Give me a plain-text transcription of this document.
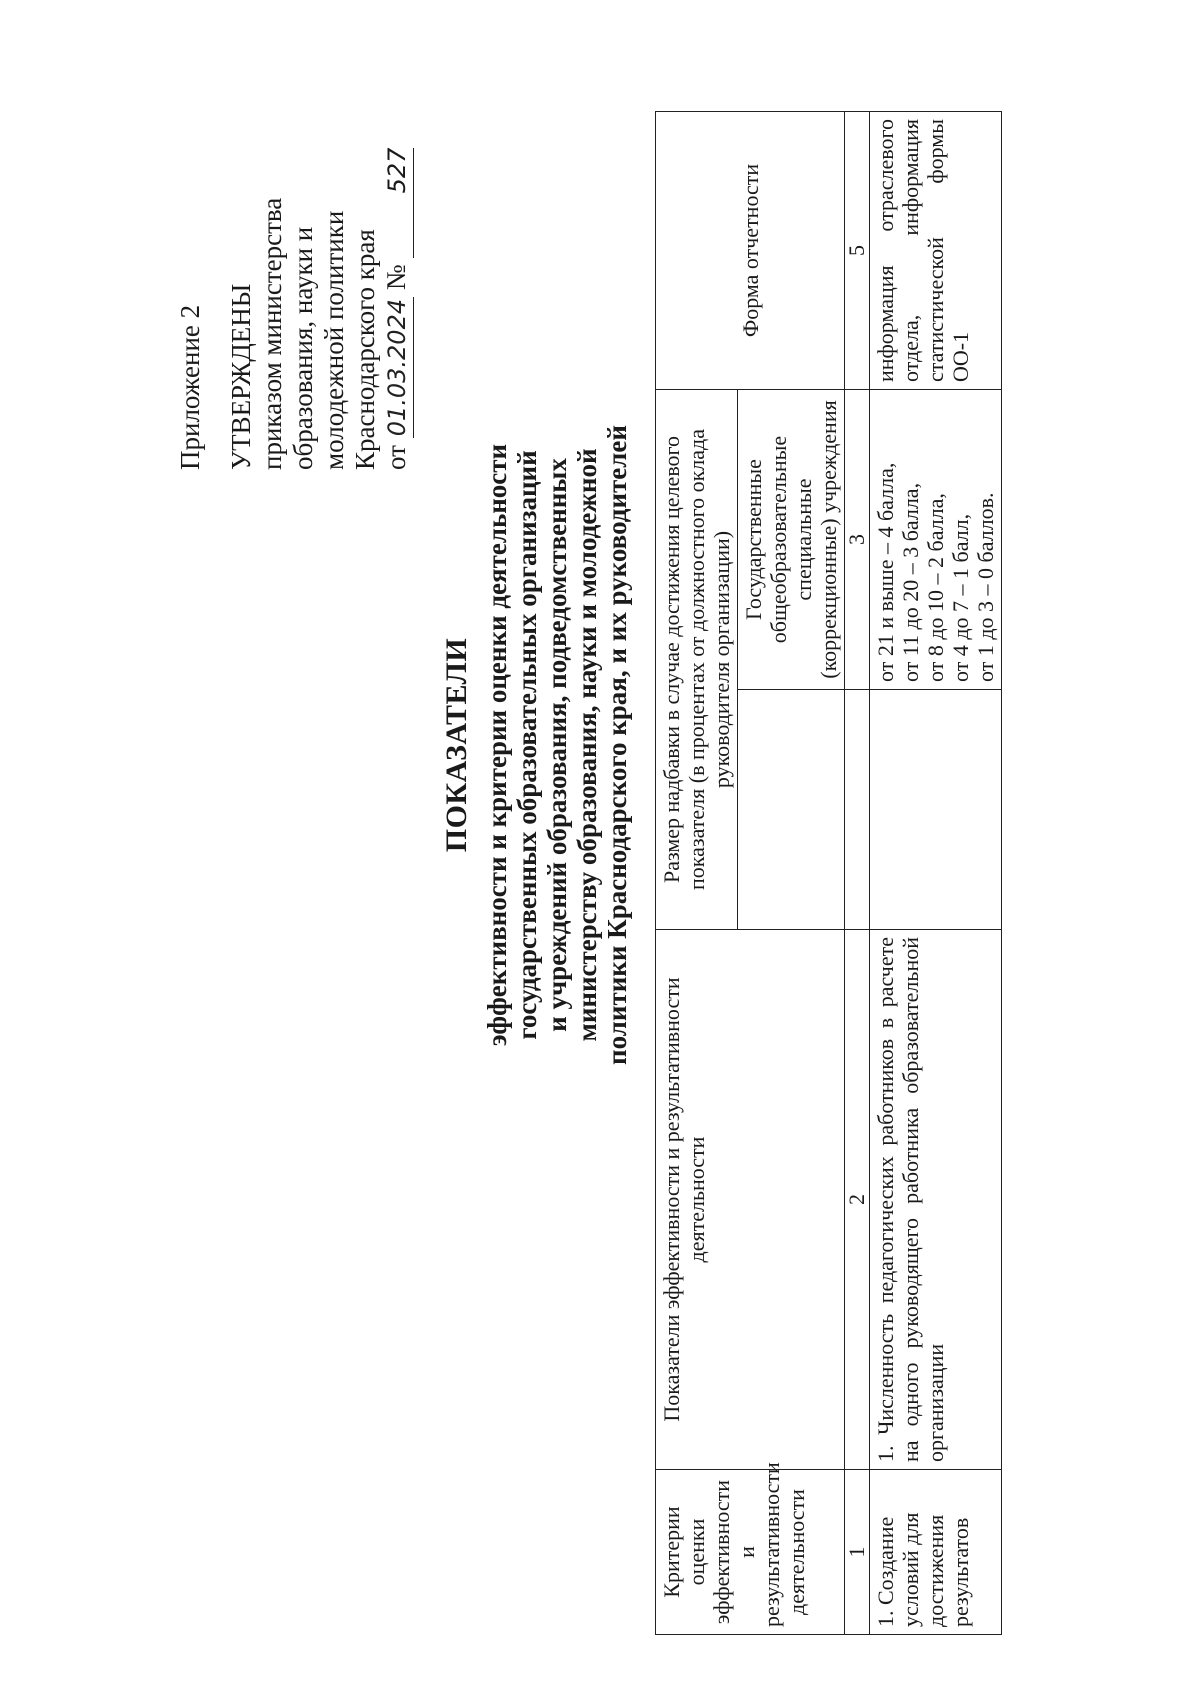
Приложение 2 УТВЕРЖДЕНЫ приказом министерства образования, науки и молодежной политики Краснодарского края от 01.03.2024 № 527
ПОКАЗАТЕЛИ эффективности и критерии оценки деятельности государственных образовательных организаций и учреждений образования, подведомственных министерству образования, науки и молодежной политики Краснодарского края, и их руководителей
Критерии оценки эффективности и результативности деятельности	Показатели эффективности и результативности деятельности	Размер надбавки в случае достижения целевого показателя (в процентах от должностного оклада руководителя организации)		Форма отчетности
			Государственные общеобразовательные специальные (коррекционные) учреждения	
1	2		3	5
1. Создание условий для достижения результатов	1. Численность педагогических работников в расчете на одного руководящего работника образовательной организации		от 21 и выше – 4 балла, от 11 до 20 – 3 балла, от 8 до 10 – 2 балла, от 4 до 7 – 1 балл, от 1 до 3 – 0 баллов.	информация отраслевого отдела, информация статистической формы ОО-1
